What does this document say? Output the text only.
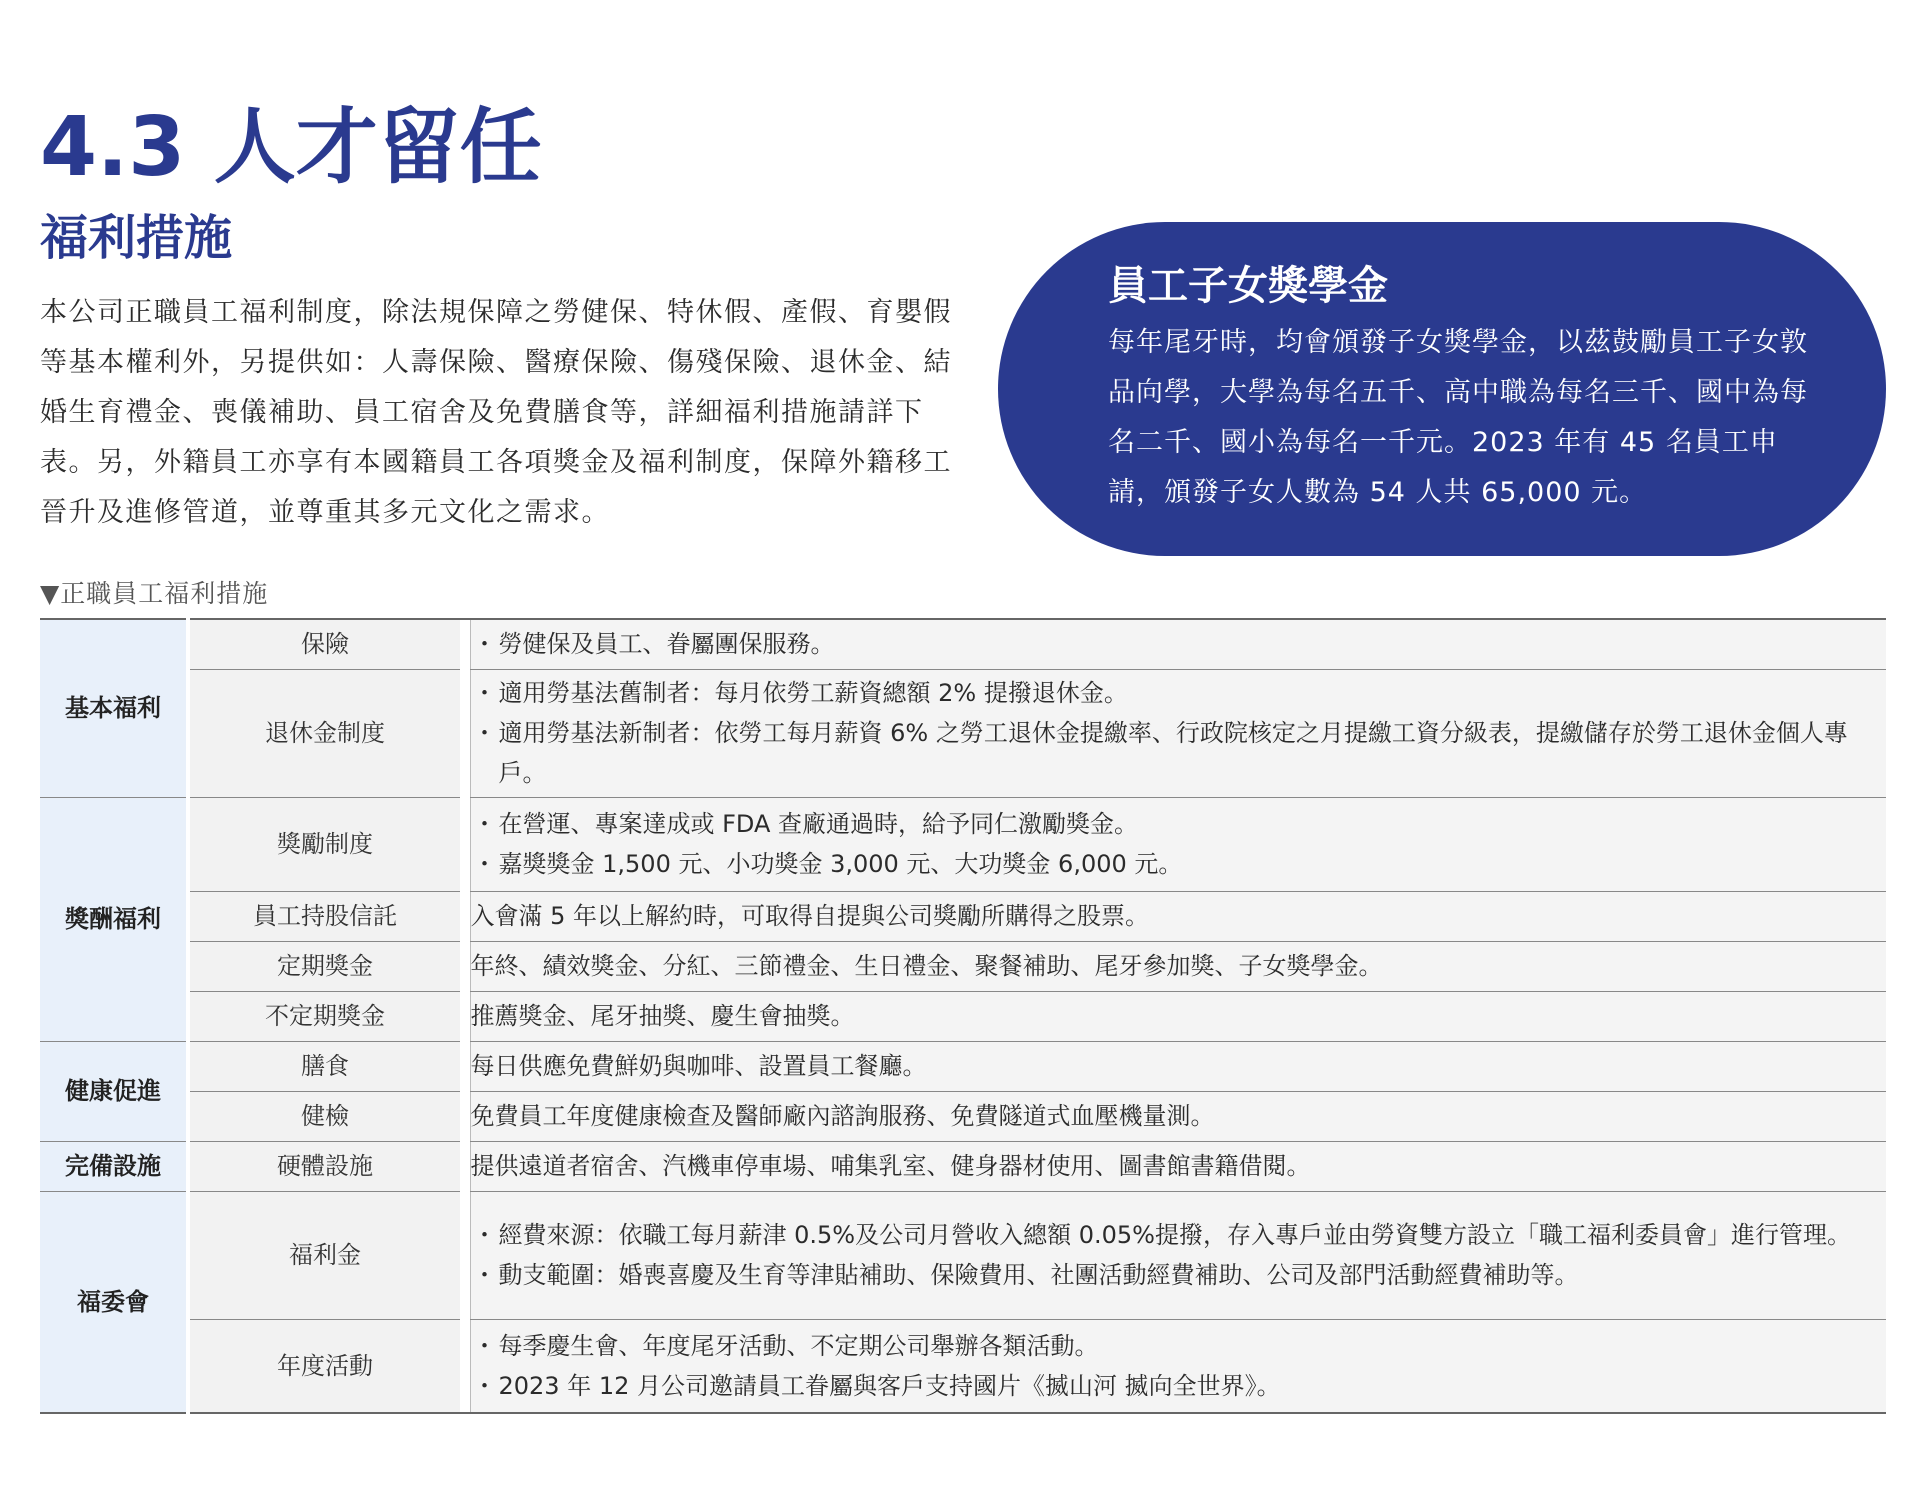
4.3 人才留任
福利措施

本公司正職員工福利制度，除法規保障之勞健保、特休假、產假、育嬰假等基本權利外，另提供如：人壽保險、醫療保險、傷殘保險、退休金、結婚生育禮金、喪儀補助、員工宿舍及免費膳食等，詳細福利措施請詳下表。另，外籍員工亦享有本國籍員工各項獎金及福利制度，保障外籍移工晉升及進修管道，並尊重其多元文化之需求。

員工子女獎學金

每年尾牙時，均會頒發子女獎學金，以茲鼓勵員工子女敦品向學，大學為每名五千、高中職為每名三千、國中為每名二千、國小為每名一千元。2023 年有 45 名員工申請，頒發子女人數為 54 人共 65,000 元。

▼正職員工福利措施

基本福利	保險		・ 勞健保及員工、眷屬團保服務。

	退休金制度		・ 適用勞基法舊制者：每月依勞工薪資總額 2% 提撥退休金。
・ 適用勞基法新制者：依勞工每月薪資 6% 之勞工退休金提繳率、行政院核定之月提繳工資分級表，提繳儲存於勞工退休金個人專戶。

獎酬福利	獎勵制度		・ 在營運、專案達成或 FDA 查廠通過時，給予同仁激勵獎金。
・ 嘉獎獎金 1,500 元、小功獎金 3,000 元、大功獎金 6,000 元。

	員工持股信託		入會滿 5 年以上解約時，可取得自提與公司獎勵所購得之股票。
	定期獎金		年終、績效獎金、分紅、三節禮金、生日禮金、聚餐補助、尾牙參加獎、子女獎學金。
	不定期獎金		推薦獎金、尾牙抽獎、慶生會抽獎。
健康促進	膳食		每日供應免費鮮奶與咖啡、設置員工餐廳。
	健檢		免費員工年度健康檢查及醫師廠內諮詢服務、免費隧道式血壓機量測。
完備設施	硬體設施		提供遠道者宿舍、汽機車停車場、哺集乳室、健身器材使用、圖書館書籍借閱。
福委會	福利金		・ 經費來源：依職工每月薪津 0.5%及公司月營收入總額 0.05%提撥，存入專戶並由勞資雙方設立「職工福利委員會」進行管理。
・ 動支範圍：婚喪喜慶及生育等津貼補助、保險費用、社團活動經費補助、公司及部門活動經費補助等。

	年度活動		・ 每季慶生會、年度尾牙活動、不定期公司舉辦各類活動。
・ 2023 年 12 月公司邀請員工眷屬與客戶支持國片《揻山河 揻向全世界》。
